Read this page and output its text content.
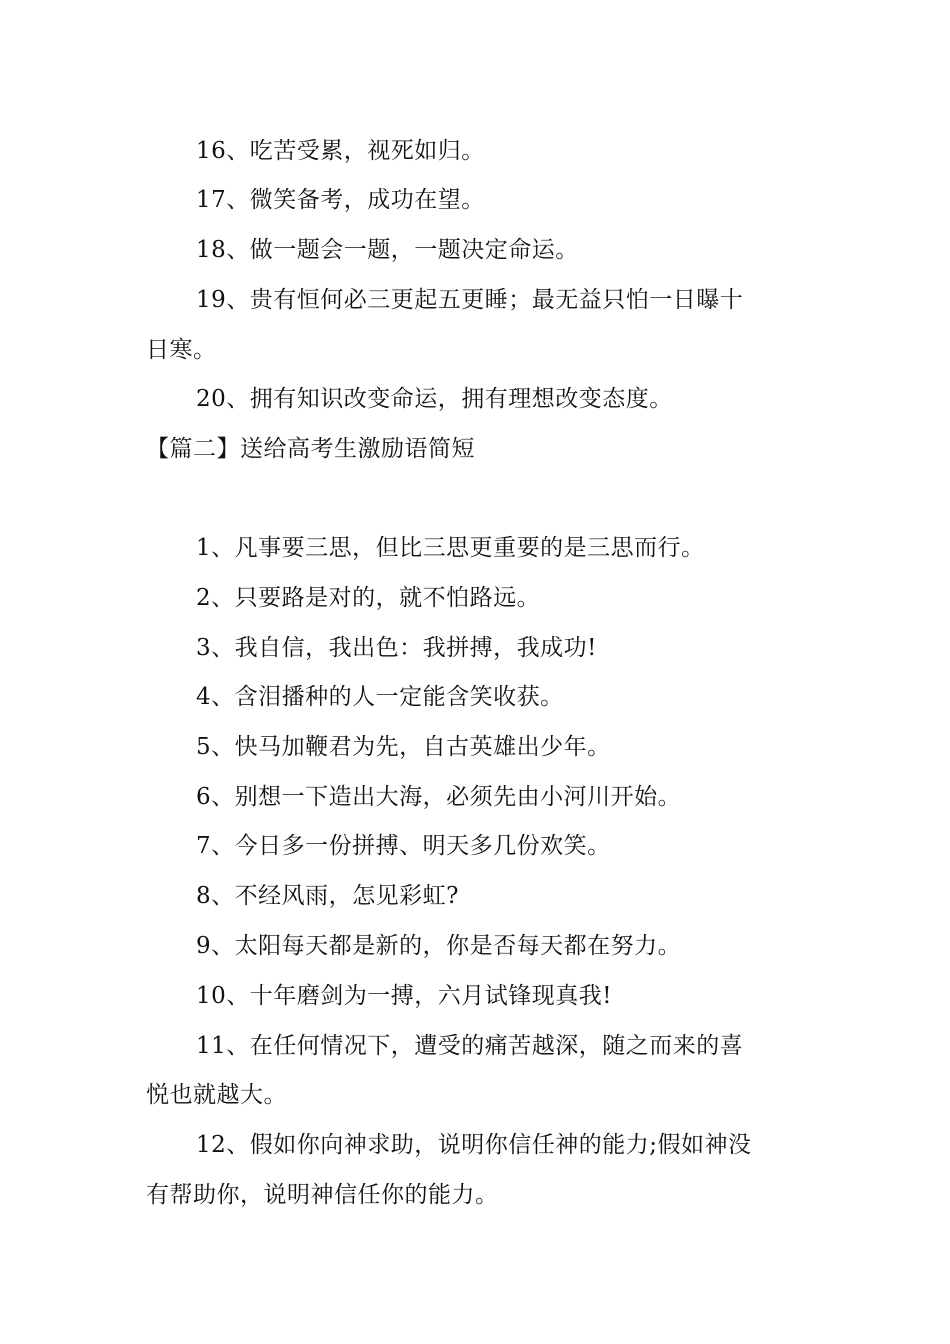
16、吃苦受累，视死如归。
17、微笑备考，成功在望。
18、做一题会一题，一题决定命运。
19、贵有恒何必三更起五更睡；最无益只怕一日曝十
日寒。
20、拥有知识改变命运，拥有理想改变态度。
【篇二】送给高考生激励语简短
1、凡事要三思，但比三思更重要的是三思而行。
2、只要路是对的，就不怕路远。
3、我自信，我出色：我拼搏，我成功!
4、含泪播种的人一定能含笑收获。
5、快马加鞭君为先，自古英雄出少年。
6、别想一下造出大海，必须先由小河川开始。
7、今日多一份拼搏、明天多几份欢笑。
8、不经风雨，怎见彩虹?
9、太阳每天都是新的，你是否每天都在努力。
10、十年磨剑为一搏，六月试锋现真我!
11、在任何情况下，遭受的痛苦越深，随之而来的喜
悦也就越大。
12、假如你向神求助，说明你信任神的能力;假如神没
有帮助你，说明神信任你的能力。
